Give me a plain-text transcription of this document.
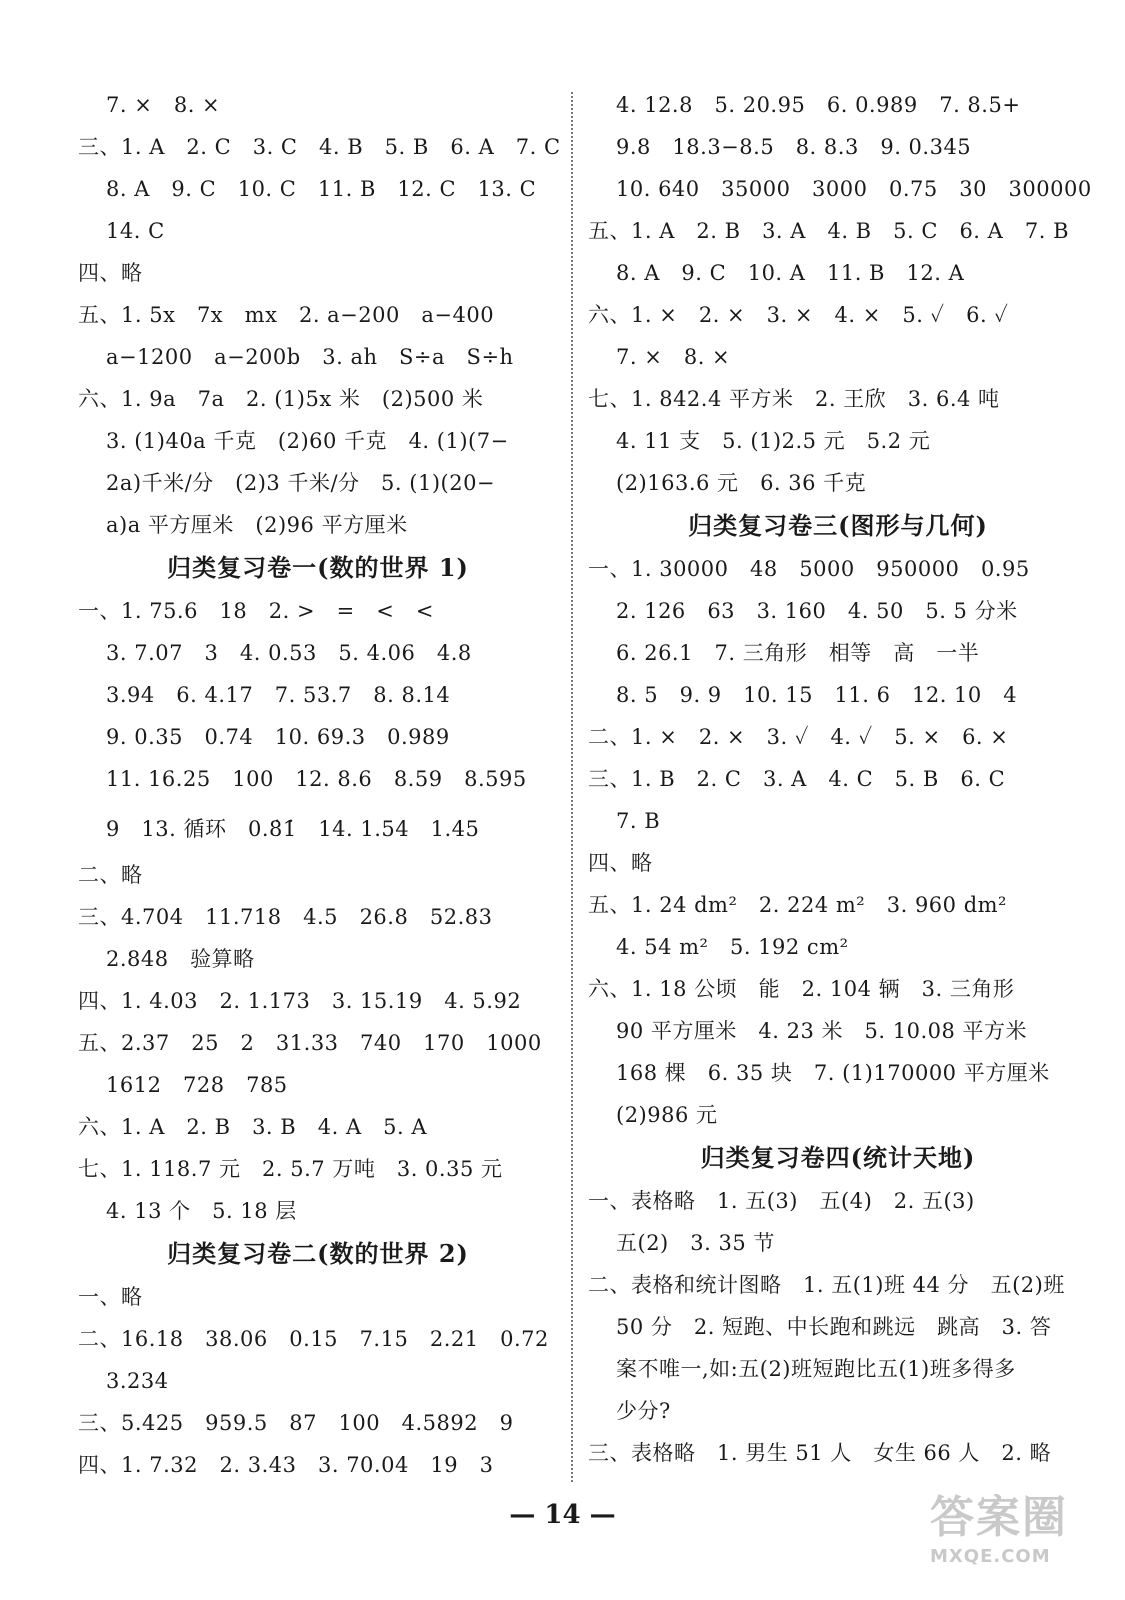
7. ×   8. ×
三、1. A   2. C   3. C   4. B   5. B   6. A   7. C
8. A   9. C   10. C   11. B   12. C   13. C
14. C
四、略
五、1. 5x   7x   mx   2. a−200   a−400
a−1200   a−200b   3. ah   S÷a   S÷h
六、1. 9a   7a   2. (1)5x 米   (2)500 米
3. (1)40a 千克   (2)60 千克   4. (1)(7−
2a)千米/分   (2)3 千米/分   5. (1)(20−
a)a 平方厘米   (2)96 平方厘米
归类复习卷一(数的世界 1)
一、1. 75.6   18   2. >   =   <   <
3. 7.07   3   4. 0.53   5. 4.06   4.8
3.94   6. 4.17   7. 53.7   8. 8.14
9. 0.35   0.74   10. 69.3   0.989
11. 16.25   100   12. 8.6   8.59   8.595
9   13. 循环   0.8̇1̇   14. 1.54   1.45
二、略
三、4.704   11.718   4.5   26.8   52.83
2.848   验算略
四、1. 4.03   2. 1.173   3. 15.19   4. 5.92
五、2.37   25   2   31.33   740   170   1000
1612   728   785
六、1. A   2. B   3. B   4. A   5. A
七、1. 118.7 元   2. 5.7 万吨   3. 0.35 元
4. 13 个   5. 18 层
归类复习卷二(数的世界 2)
一、略
二、16.18   38.06   0.15   7.15   2.21   0.72
3.234
三、5.425   959.5   87   100   4.5892   9
四、1. 7.32   2. 3.43   3. 70.04   19   3
4. 12.8   5. 20.95   6. 0.989   7. 8.5+
9.8   18.3−8.5   8. 8.3   9. 0.345
10. 640   35000   3000   0.75   30   300000
五、1. A   2. B   3. A   4. B   5. C   6. A   7. B
8. A   9. C   10. A   11. B   12. A
六、1. ×   2. ×   3. ×   4. ×   5. ✓   6. ✓
7. ×   8. ×
七、1. 842.4 平方米   2. 王欣   3. 6.4 吨
4. 11 支   5. (1)2.5 元   5.2 元
(2)163.6 元   6. 36 千克
归类复习卷三(图形与几何)
一、1. 30000   48   5000   950000   0.95
2. 126   63   3. 160   4. 50   5. 5 分米
6. 26.1   7. 三角形   相等   高   一半
8. 5   9. 9   10. 15   11. 6   12. 10   4
二、1. ×   2. ×   3. ✓   4. ✓   5. ×   6. ×
三、1. B   2. C   3. A   4. C   5. B   6. C
7. B
四、略
五、1. 24 dm²   2. 224 m²   3. 960 dm²
4. 54 m²   5. 192 cm²
六、1. 18 公顷   能   2. 104 辆   3. 三角形
90 平方厘米   4. 23 米   5. 10.08 平方米
168 棵   6. 35 块   7. (1)170000 平方厘米
(2)986 元
归类复习卷四(统计天地)
一、表格略   1. 五(3)   五(4)   2. 五(3)
五(2)   3. 35 节
二、表格和统计图略   1. 五(1)班 44 分   五(2)班
50 分   2. 短跑、中长跑和跳远   跳高   3. 答
案不唯一,如:五(2)班短跑比五(1)班多得多
少分?
三、表格略   1. 男生 51 人   女生 66 人   2. 略
— 14 —	答案圈
MXQE.COM
